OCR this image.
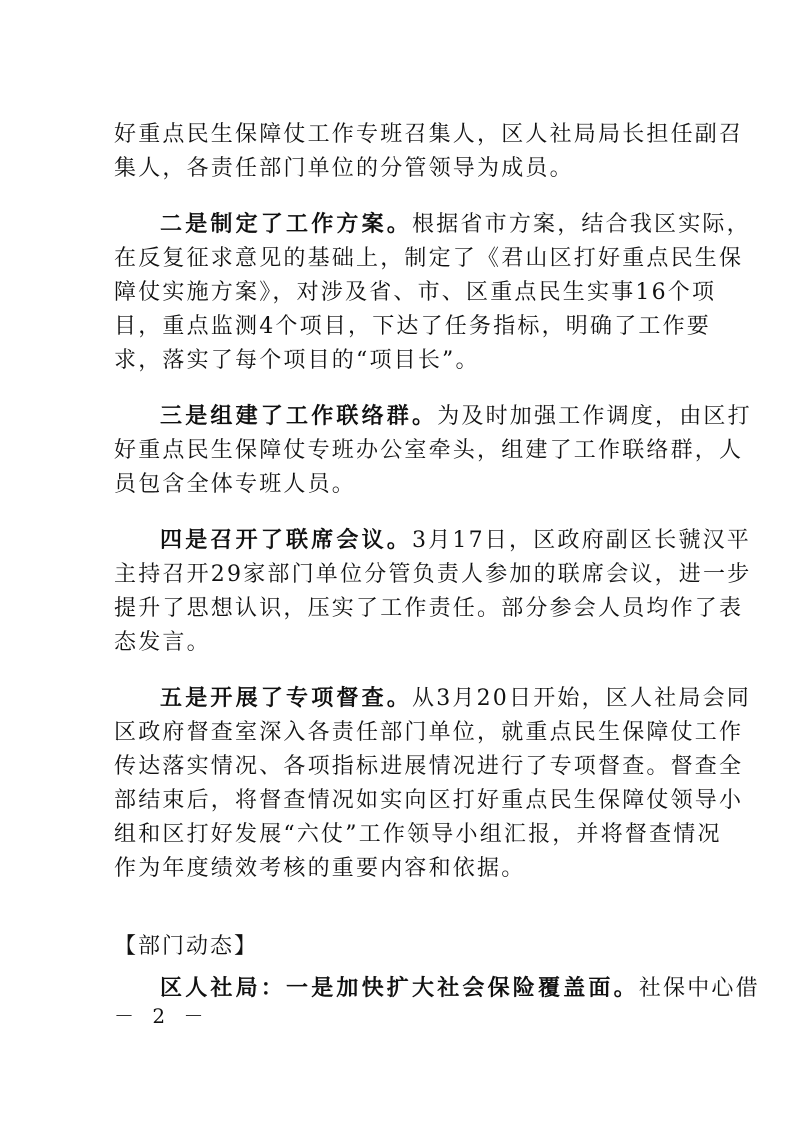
好重点民生保障仗工作专班召集人，区人社局局长担任副召
集人，各责任部门单位的分管领导为成员。
二是制定了工作方案。根据省市方案，结合我区实际，
在反复征求意见的基础上，制定了《君山区打好重点民生保
障仗实施方案》，对涉及省、市、区重点民生实事16个项
目，重点监测4个项目，下达了任务指标，明确了工作要
求，落实了每个项目的“项目长”。
三是组建了工作联络群。为及时加强工作调度，由区打
好重点民生保障仗专班办公室牵头，组建了工作联络群，人
员包含全体专班人员。
四是召开了联席会议。3月17日，区政府副区长虢汉平
主持召开29家部门单位分管负责人参加的联席会议，进一步
提升了思想认识，压实了工作责任。部分参会人员均作了表
态发言。
五是开展了专项督查。从3月20日开始，区人社局会同
区政府督查室深入各责任部门单位，就重点民生保障仗工作
传达落实情况、各项指标进展情况进行了专项督查。督查全
部结束后，将督查情况如实向区打好重点民生保障仗领导小
组和区打好发展“六仗”工作领导小组汇报，并将督查情况
作为年度绩效考核的重要内容和依据。
【部门动态】
区人社局：一是加快扩大社会保险覆盖面。社保中心借
－ 2 －
